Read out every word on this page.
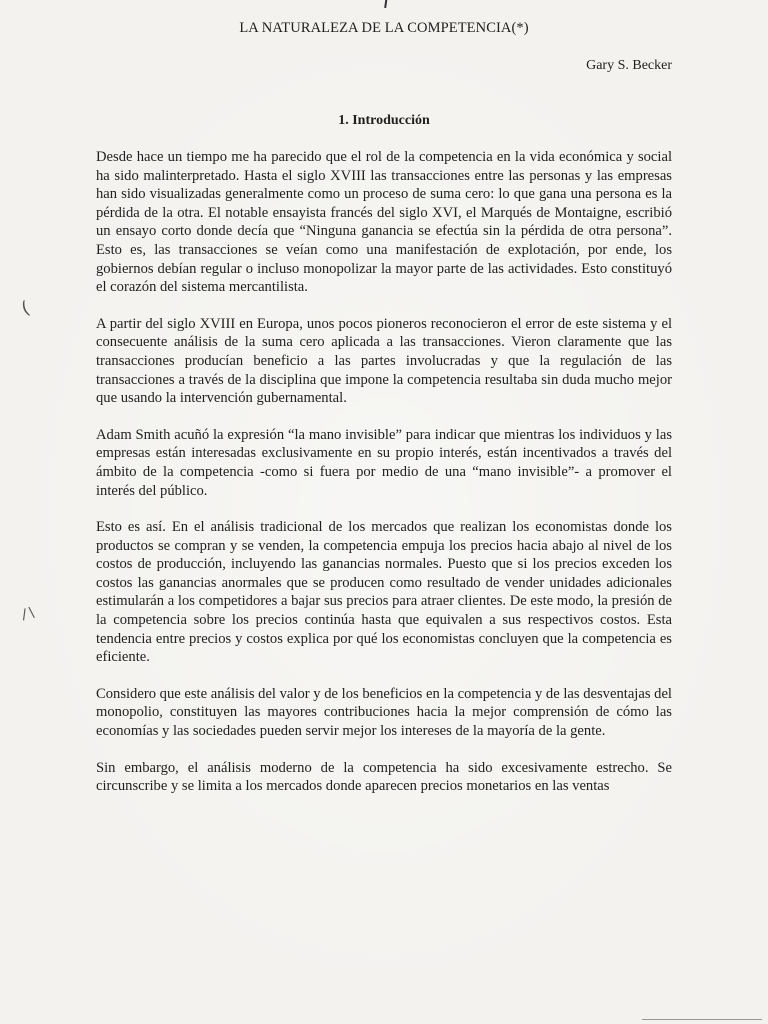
LA NATURALEZA DE LA COMPETENCIA(*)
Gary S. Becker
1. Introducción

Desde hace un tiempo me ha parecido que el rol de la competencia en la vida económica y social ha sido malinterpretado. Hasta el siglo XVIII las transacciones entre las personas y las empresas han sido visualizadas generalmente como un proceso de suma cero: lo que gana una persona es la pérdida de la otra. El notable ensayista francés del siglo XVI, el Marqués de Montaigne, escribió un ensayo corto donde decía que “Ninguna ganancia se efectúa sin la pérdida de otra persona”. Esto es, las transacciones se veían como una manifestación de explotación, por ende, los gobiernos debían regular o incluso monopolizar la mayor parte de las actividades. Esto constituyó el corazón del sistema mercantilista.

A partir del siglo XVIII en Europa, unos pocos pioneros reconocieron el error de este sistema y el consecuente análisis de la suma cero aplicada a las transacciones. Vieron claramente que las transacciones producían beneficio a las partes involucradas y que la regulación de las transacciones a través de la disciplina que impone la competencia resultaba sin duda mucho mejor que usando la intervención gubernamental.

Adam Smith acuñó la expresión “la mano invisible” para indicar que mientras los individuos y las empresas están interesadas exclusivamente en su propio interés, están incentivados a través del ámbito de la competencia -como si fuera por medio de una “mano invisible”- a promover el interés del público.

Esto es así. En el análisis tradicional de los mercados que realizan los economistas donde los productos se compran y se venden, la competencia empuja los precios hacia abajo al nivel de los costos de producción, incluyendo las ganancias normales. Puesto que si los precios exceden los costos las ganancias anormales que se producen como resultado de vender unidades adicionales estimularán a los competidores a bajar sus precios para atraer clientes. De este modo, la presión de la competencia sobre los precios continúa hasta que equivalen a sus respectivos costos. Esta tendencia entre precios y costos explica por qué los economistas concluyen que la competencia es eficiente.

Considero que este análisis del valor y de los beneficios en la competencia y de las desventajas del monopolio, constituyen las mayores contribuciones hacia la mejor comprensión de cómo las economías y las sociedades pueden servir mejor los intereses de la mayoría de la gente.

Sin embargo, el análisis moderno de la competencia ha sido excesivamente estrecho. Se circunscribe y se limita a los mercados donde aparecen precios monetarios en las ventas

(
∕∖
